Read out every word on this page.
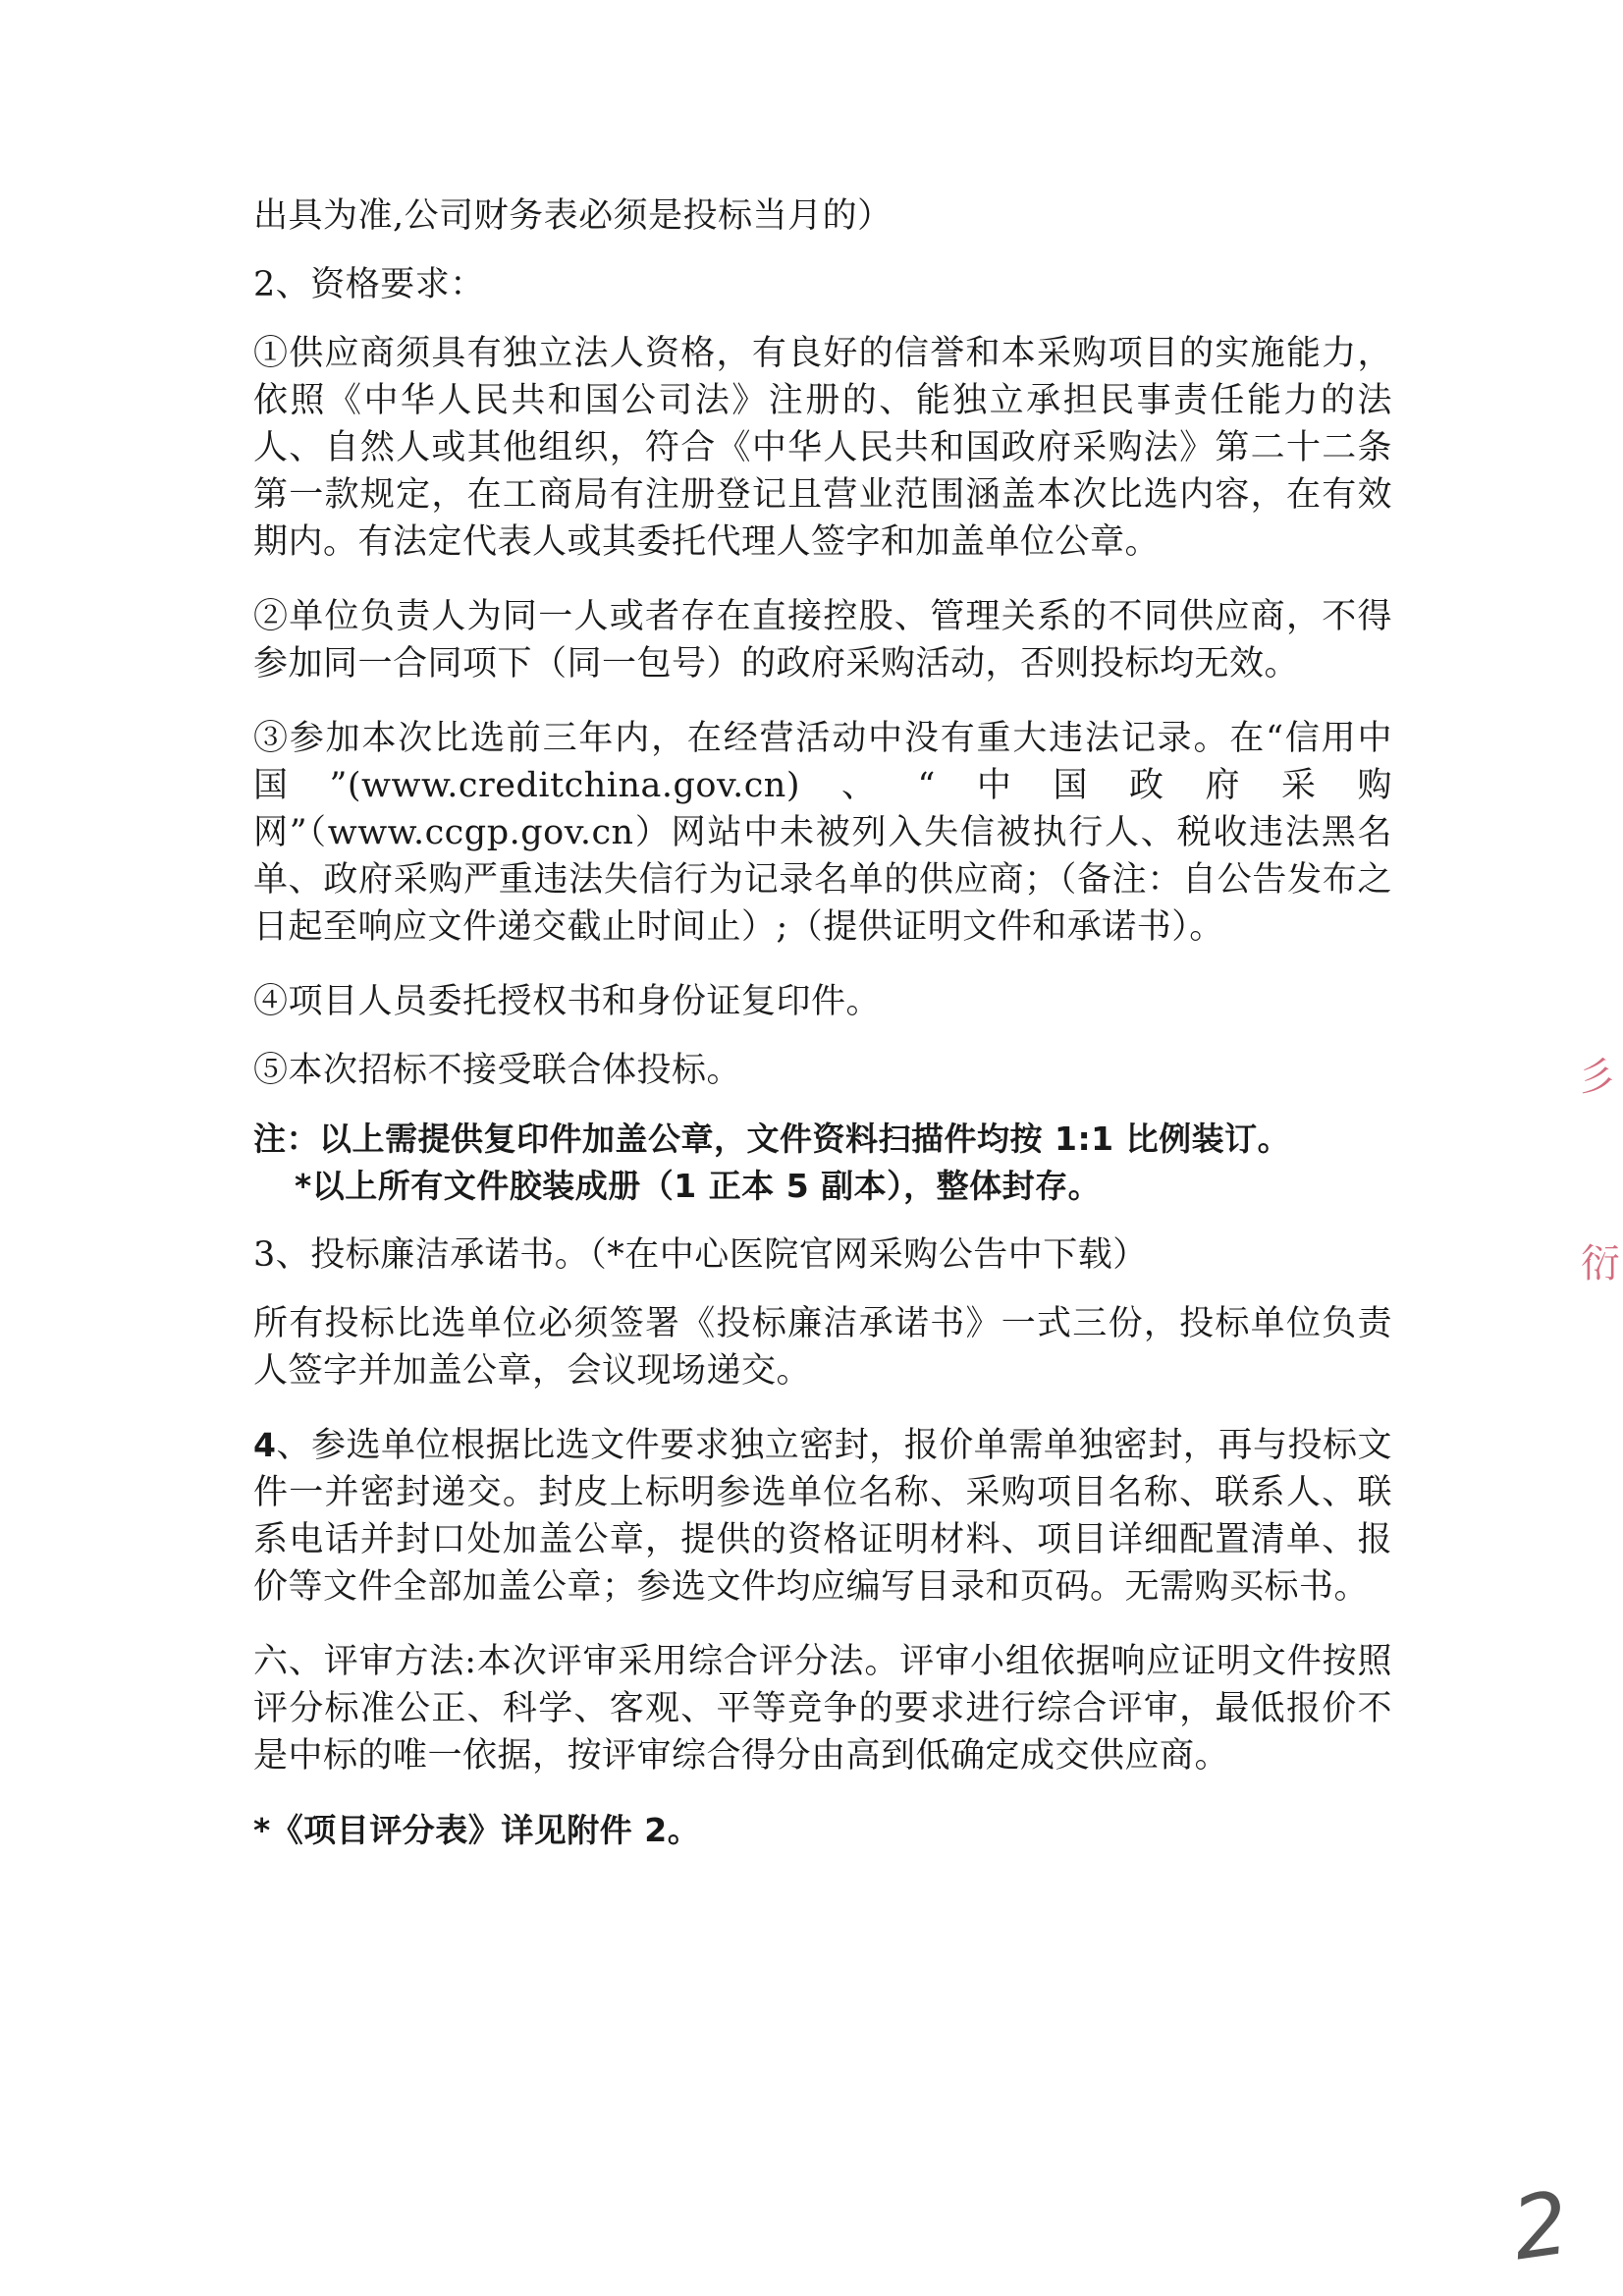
出具为准,公司财务表必须是投标当月的）

2、资格要求：

①供应商须具有独立法人资格，有良好的信誉和本采购项目的实施能力，依照《中华人民共和国公司法》注册的、能独立承担民事责任能力的法人、自然人或其他组织，符合《中华人民共和国政府采购法》第二十二条第一款规定，在工商局有注册登记且营业范围涵盖本次比选内容，在有效期内。有法定代表人或其委托代理人签字和加盖单位公章。

②单位负责人为同一人或者存在直接控股、管理关系的不同供应商，不得参加同一合同项下（同一包号）的政府采购活动，否则投标均无效。

③参加本次比选前三年内，在经营活动中没有重大违法记录。在“信用中国”(www.creditchina.gov.cn)、“中国政府采购网”（www.ccgp.gov.cn）网站中未被列入失信被执行人、税收违法黑名单、政府采购严重违法失信行为记录名单的供应商；（备注：自公告发布之日起至响应文件递交截止时间止）;（提供证明文件和承诺书）。

④项目人员委托授权书和身份证复印件。

⑤本次招标不接受联合体投标。

注：以上需提供复印件加盖公章，文件资料扫描件均按 1:1 比例装订。
*以上所有文件胶装成册（1 正本 5 副本），整体封存。

3、投标廉洁承诺书。（*在中心医院官网采购公告中下载）

所有投标比选单位必须签署《投标廉洁承诺书》一式三份，投标单位负责人签字并加盖公章，会议现场递交。

4、参选单位根据比选文件要求独立密封，报价单需单独密封，再与投标文件一并密封递交。封皮上标明参选单位名称、采购项目名称、联系人、联系电话并封口处加盖公章，提供的资格证明材料、项目详细配置清单、报价等文件全部加盖公章；参选文件均应编写目录和页码。无需购买标书。

六、评审方法:本次评审采用综合评分法。评审小组依据响应证明文件按照评分标准公正、科学、客观、平等竞争的要求进行综合评审，最低报价不是中标的唯一依据，按评审综合得分由高到低确定成交供应商。

*《项目评分表》详见附件 2。

彡
衍
2
